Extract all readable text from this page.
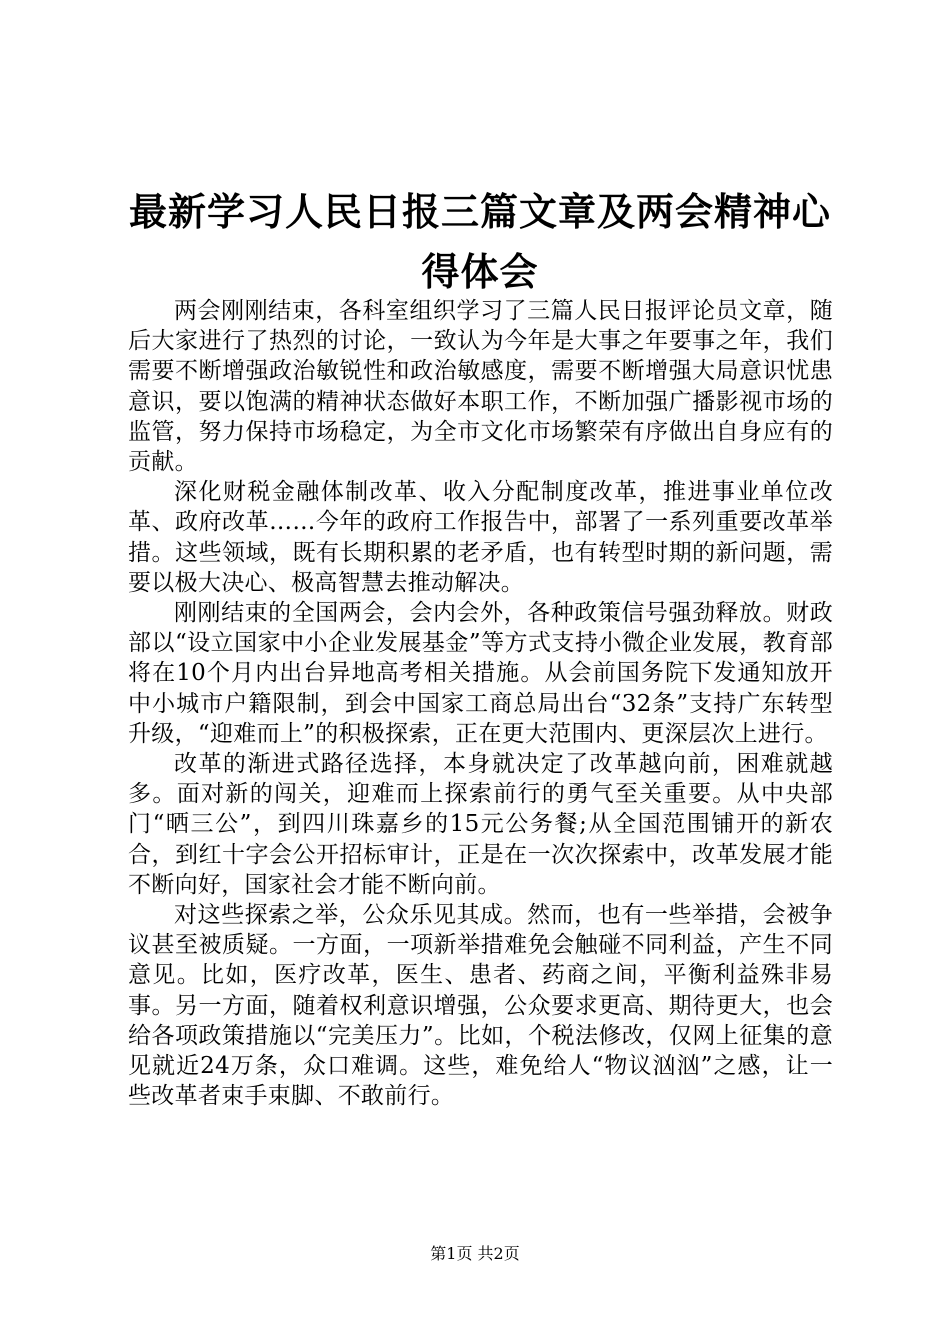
最新学习人民日报三篇文章及两会精神心得体会

两会刚刚结束，各科室组织学习了三篇人民日报评论员文章，随后大家进行了热烈的讨论，一致认为今年是大事之年要事之年，我们需要不断增强政治敏锐性和政治敏感度，需要不断增强大局意识忧患意识，要以饱满的精神状态做好本职工作，不断加强广播影视市场的监管，努力保持市场稳定，为全市文化市场繁荣有序做出自身应有的贡献。

深化财税金融体制改革、收入分配制度改革，推进事业单位改革、政府改革……今年的政府工作报告中，部署了一系列重要改革举措。这些领域，既有长期积累的老矛盾，也有转型时期的新问题，需要以极大决心、极高智慧去推动解决。

刚刚结束的全国两会，会内会外，各种政策信号强劲释放。财政部以“设立国家中小企业发展基金”等方式支持小微企业发展，教育部将在10个月内出台异地高考相关措施。从会前国务院下发通知放开中小城市户籍限制，到会中国家工商总局出台“32条”支持广东转型升级，“迎难而上”的积极探索，正在更大范围内、更深层次上进行。

改革的渐进式路径选择，本身就决定了改革越向前，困难就越多。面对新的闯关，迎难而上探索前行的勇气至关重要。从中央部门“晒三公”，到四川珠嘉乡的15元公务餐;从全国范围铺开的新农合，到红十字会公开招标审计，正是在一次次探索中，改革发展才能不断向好，国家社会才能不断向前。

对这些探索之举，公众乐见其成。然而，也有一些举措，会被争议甚至被质疑。一方面，一项新举措难免会触碰不同利益，产生不同意见。比如，医疗改革，医生、患者、药商之间，平衡利益殊非易事。另一方面，随着权利意识增强，公众要求更高、期待更大，也会给各项政策措施以“完美压力”。比如，个税法修改，仅网上征集的意见就近24万条，众口难调。这些，难免给人“物议汹汹”之感，让一些改革者束手束脚、不敢前行。

第1页 共2页
